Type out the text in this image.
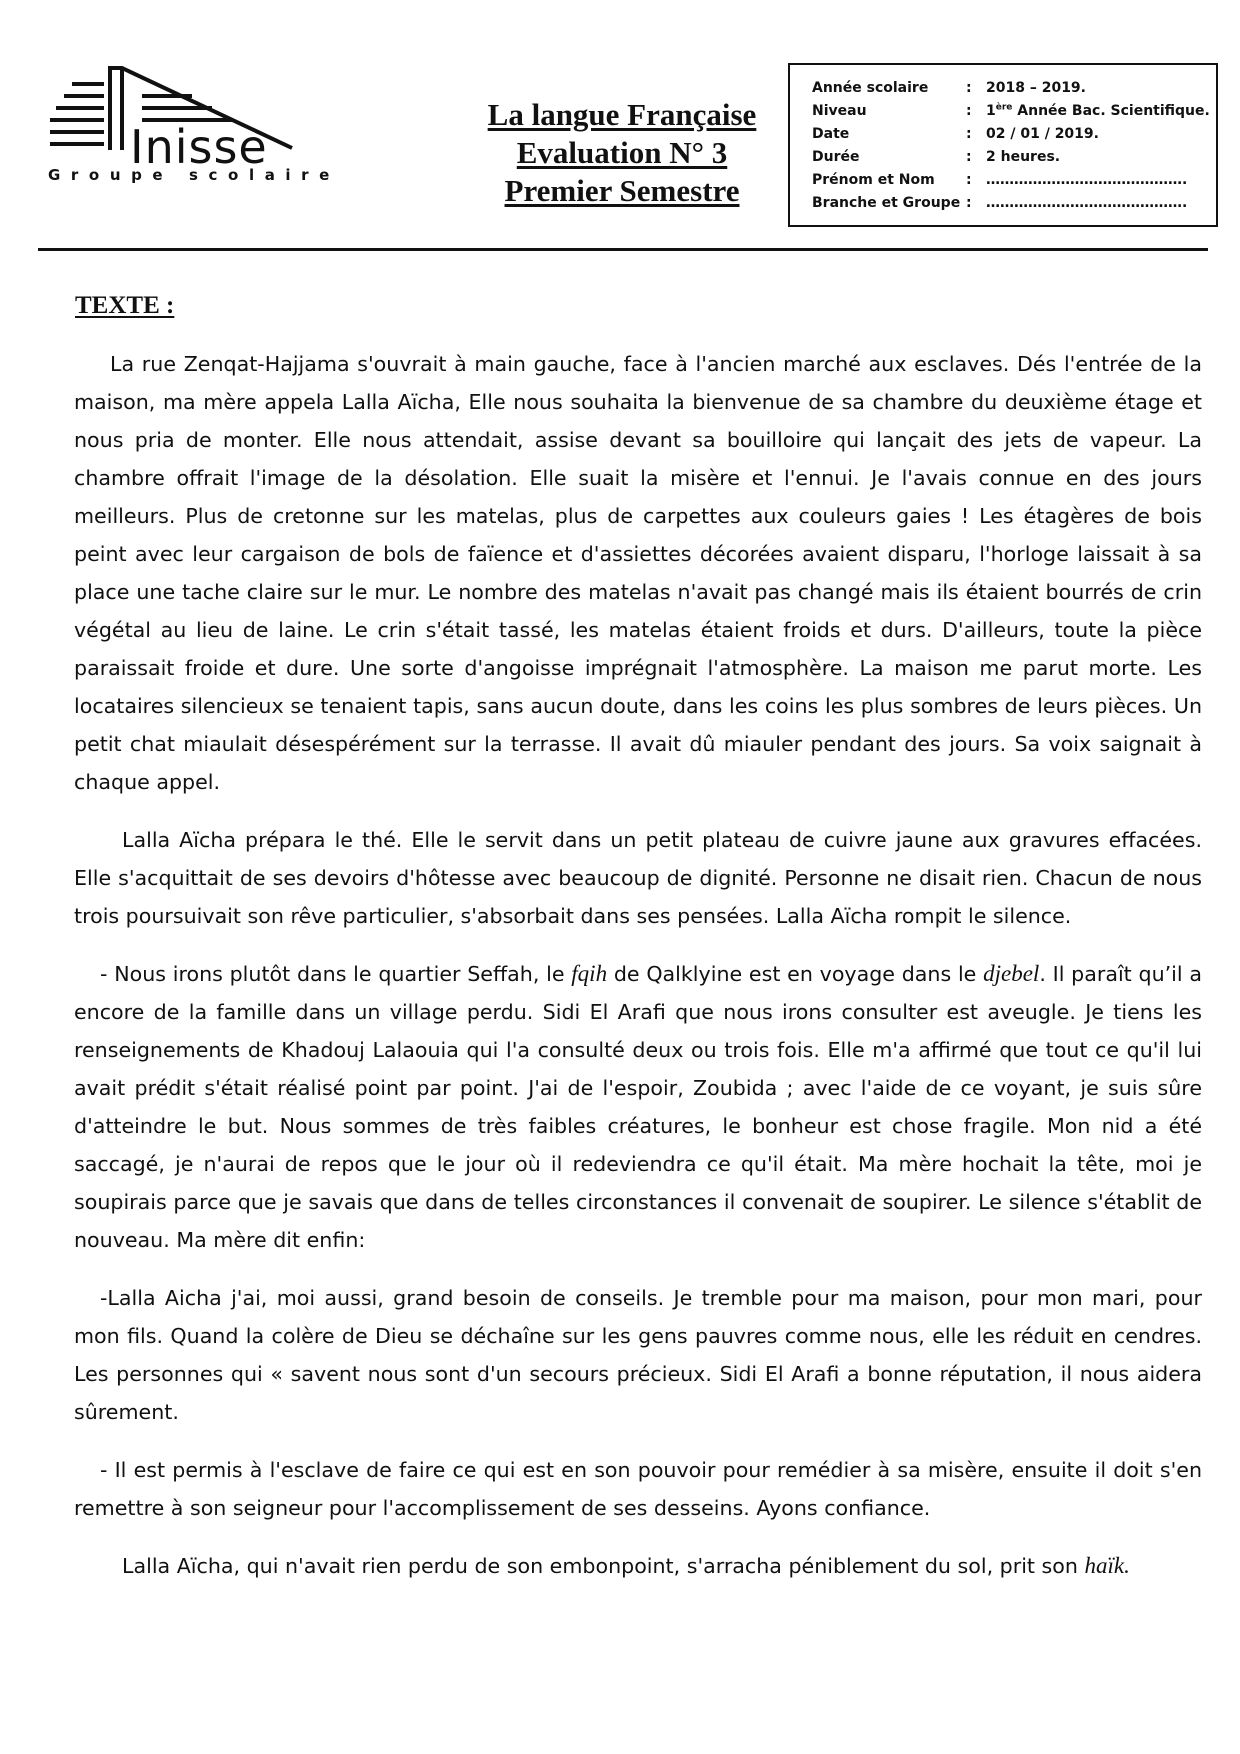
Inisse
Groupe scolaire
La langue Française
Evaluation N° 3
Premier Semestre
Année scolaire	:	2018 – 2019.
Niveau	:	1ère Année Bac. Scientifique.
Date	:	02 / 01 / 2019.
Durée	:	2 heures.
Prénom et Nom	:	…………………………………….
Branche et Groupe :	…………………………………….
TEXTE :

La rue Zenqat-Hajjama s'ouvrait à main gauche, face à l'ancien marché aux esclaves. Dés l'entrée de la maison, ma mère appela Lalla Aïcha, Elle nous souhaita la bienvenue de sa chambre du deuxième étage et nous pria de monter. Elle nous attendait, assise devant sa bouilloire qui lançait des jets de vapeur. La chambre offrait l'image de la désolation. Elle suait la misère et l'ennui. Je l'avais connue en des jours meilleurs. Plus de cretonne sur les matelas, plus de carpettes aux couleurs gaies ! Les étagères de bois peint avec leur cargaison de bols de faïence et d'assiettes décorées avaient disparu, l'horloge laissait à sa place une tache claire sur le mur. Le nombre des matelas n'avait pas changé mais ils étaient bourrés de crin végétal au lieu de laine. Le crin s'était tassé, les matelas étaient froids et durs. D'ailleurs, toute la pièce paraissait froide et dure. Une sorte d'angoisse imprégnait l'atmosphère. La maison me parut morte. Les locataires silencieux se tenaient tapis, sans aucun doute, dans les coins les plus sombres de leurs pièces. Un petit chat miaulait désespérément sur la terrasse. Il avait dû miauler pendant des jours. Sa voix saignait à chaque appel.

Lalla Aïcha prépara le thé. Elle le servit dans un petit plateau de cuivre jaune aux gravures effacées. Elle s'acquittait de ses devoirs d'hôtesse avec beaucoup de dignité. Personne ne disait rien. Chacun de nous trois poursuivait son rêve particulier, s'absorbait dans ses pensées. Lalla Aïcha rompit le silence.

- Nous irons plutôt dans le quartier Seffah, le fqih de Qalklyine est en voyage dans le djebel. Il paraît qu’il a encore de la famille dans un village perdu. Sidi El Arafi que nous irons consulter est aveugle. Je tiens les renseignements de Khadouj Lalaouia qui l'a consulté deux ou trois fois. Elle m'a affirmé que tout ce qu'il lui avait prédit s'était réalisé point par point. J'ai de l'espoir, Zoubida ; avec l'aide de ce voyant, je suis sûre d'atteindre le but. Nous sommes de très faibles créatures, le bonheur est chose fragile. Mon nid a été saccagé, je n'aurai de repos que le jour où il redeviendra ce qu'il était. Ma mère hochait la tête, moi je soupirais parce que je savais que dans de telles circonstances il convenait de soupirer. Le silence s'établit de nouveau. Ma mère dit enfin:

-Lalla Aicha j'ai, moi aussi, grand besoin de conseils. Je tremble pour ma maison, pour mon mari, pour mon fils. Quand la colère de Dieu se déchaîne sur les gens pauvres comme nous, elle les réduit en cendres. Les personnes qui « savent nous sont d'un secours précieux. Sidi El Arafi a bonne réputation, il nous aidera sûrement.

- Il est permis à l'esclave de faire ce qui est en son pouvoir pour remédier à sa misère, ensuite il doit s'en remettre à son seigneur pour l'accomplissement de ses desseins. Ayons confiance.

Lalla Aïcha, qui n'avait rien perdu de son embonpoint, s'arracha péniblement du sol, prit son haïk.
